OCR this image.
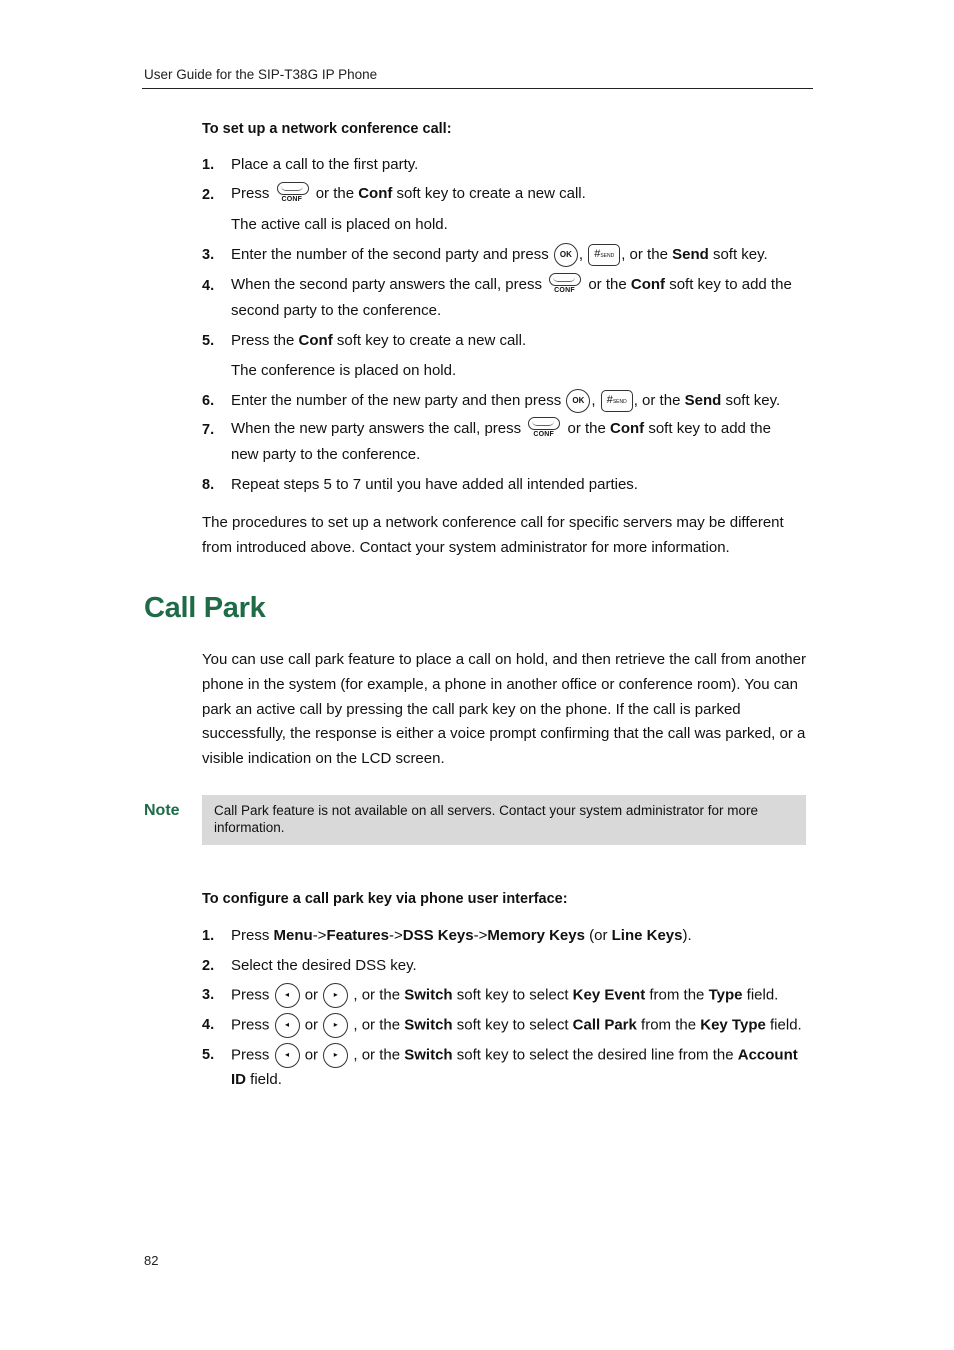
User Guide for the SIP-T38G IP Phone
To set up a network conference call:
1. Place a call to the first party.
2. Press CONF or the Conf soft key to create a new call.
The active call is placed on hold.
3. Enter the number of the second party and press OK , #SEND , or the Send soft key.
4. When the second party answers the call, press CONF or the Conf soft key to add the
second party to the conference.
5. Press the Conf soft key to create a new call.
The conference is placed on hold.
6. Enter the number of the new party and then press OK , #SEND , or the Send soft key.
7. When the new party answers the call, press CONF or the Conf soft key to add the
new party to the conference.
8. Repeat steps 5 to 7 until you have added all intended parties.
The procedures to set up a network conference call for specific servers may be different from introduced above. Contact your system administrator for more information.
Call Park
You can use call park feature to place a call on hold, and then retrieve the call from another phone in the system (for example, a phone in another office or conference room). You can park an active call by pressing the call park key on the phone. If the call is parked successfully, the response is either a voice prompt confirming that the call was parked, or a visible indication on the LCD screen.
Note	Call Park feature is not available on all servers. Contact your system administrator for more information.
To configure a call park key via phone user interface:
1. Press Menu->Features->DSS Keys->Memory Keys (or Line Keys).
2. Select the desired DSS key.
3. Press ◂ or ▸ , or the Switch soft key to select Key Event from the Type field.
4. Press ◂ or ▸ , or the Switch soft key to select Call Park from the Key Type field.
5. Press ◂ or ▸ , or the Switch soft key to select the desired line from the Account
ID field.
82
